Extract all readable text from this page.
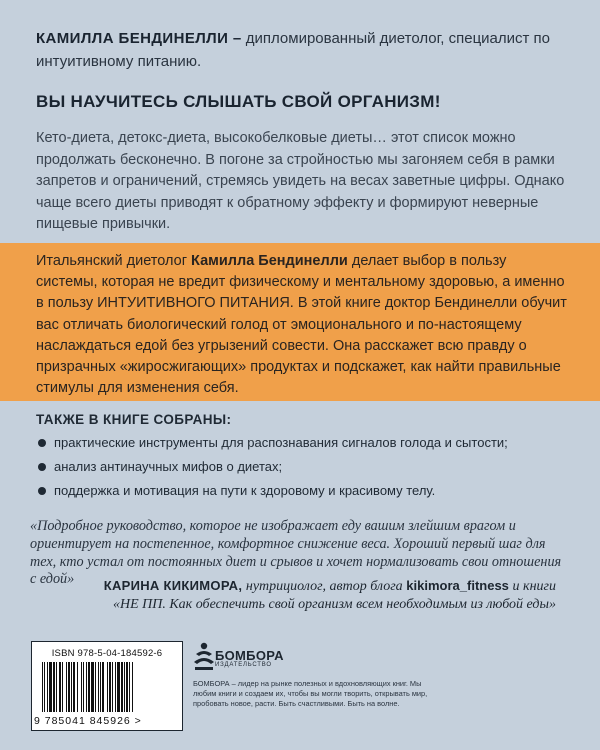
КАМИЛЛА БЕНДИНЕЛЛИ – дипломированный диетолог, специалист по интуитивному питанию.
ВЫ НАУЧИТЕСЬ СЛЫШАТЬ СВОЙ ОРГАНИЗМ!
Кето-диета, детокс-диета, высокобелковые диеты… этот список можно продолжать бесконечно. В погоне за стройностью мы загоняем себя в рамки запретов и ограничений, стремясь увидеть на весах заветные цифры. Однако чаще всего диеты приводят к обратному эффекту и формируют неверные пищевые привычки.
Итальянский диетолог Камилла Бендинелли делает выбор в пользу системы, которая не вредит физическому и ментальному здоровью, а именно в пользу ИНТУИТИВНОГО ПИТАНИЯ. В этой книге доктор Бендинелли обучит вас отличать биологический голод от эмоционального и по-настоящему наслаждаться едой без угрызений совести. Она расскажет всю правду о призрачных «жиросжигающих» продуктах и подскажет, как найти правильные стимулы для изменения себя.
ТАКЖЕ В КНИГЕ СОБРАНЫ:
практические инструменты для распознавания сигналов голода и сытости;
анализ антинаучных мифов о диетах;
поддержка и мотивация на пути к здоровому и красивому телу.
«Подробное руководство, которое не изображает еду вашим злейшим врагом и ориентирует на постепенное, комфортное снижение веса. Хороший первый шаг для тех, кто устал от постоянных диет и срывов и хочет нормализовать свои отношения с едой»	КАРИНА КИКИМОРА, нутрициолог, автор блога kikimora_fitness и книги
«НЕ ПП. Как обеспечить свой организм всем необходимым из любой еды»
ISBN 978-5-04-184592-6
9 785041 845926 >
БОМБОРА
ИЗДАТЕЛЬСТВО
БОМБОРА – лидер на рынке полезных и вдохновляющих книг. Мы любим книги и создаем их, чтобы вы могли творить, открывать мир, пробовать новое, расти. Быть счастливыми. Быть на волне.
